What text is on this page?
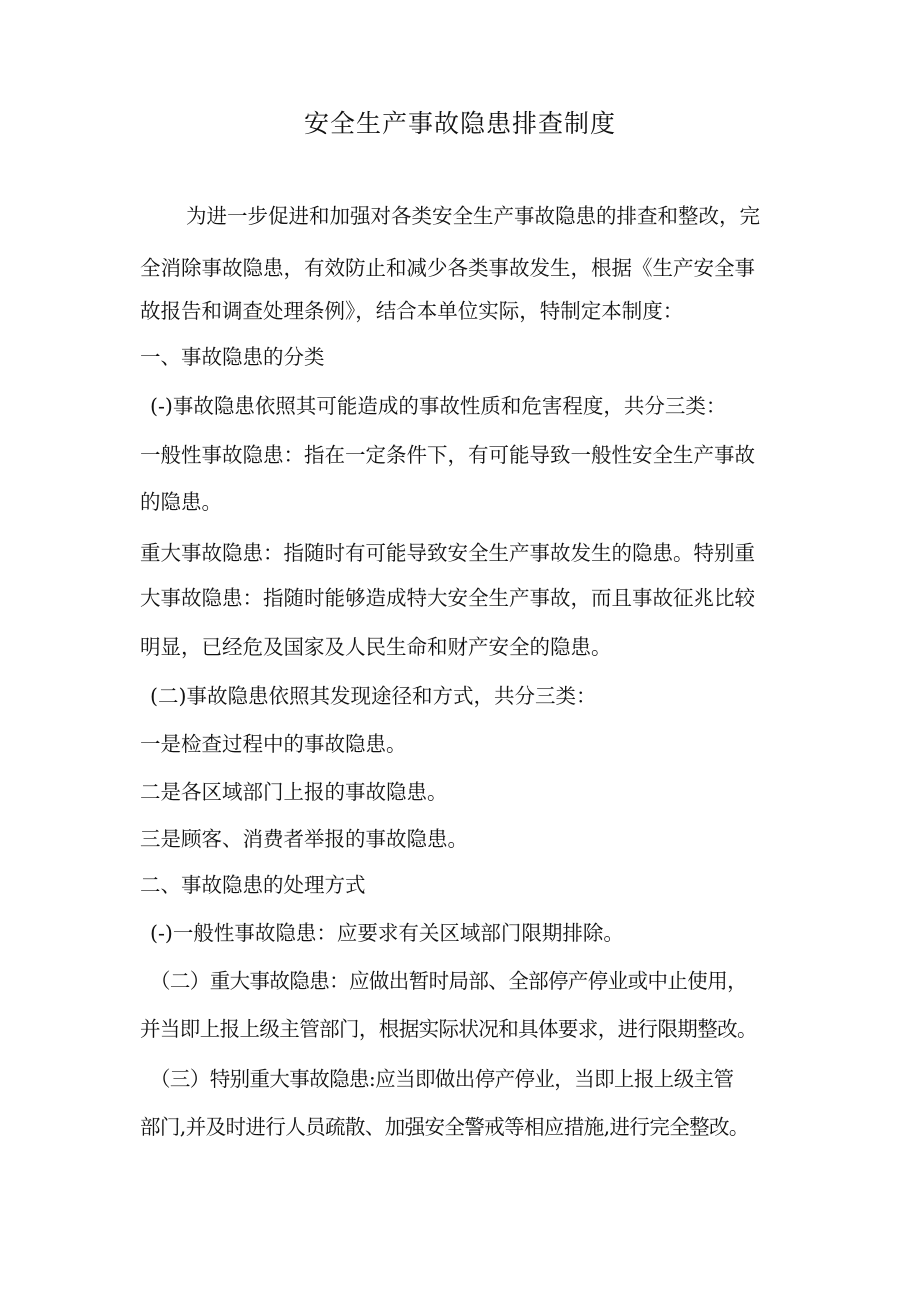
安全生产事故隐患排查制度
为进一步促进和加强对各类安全生产事故隐患的排查和整改，完
全消除事故隐患，有效防止和减少各类事故发生，根据《生产安全事
故报告和调查处理条例》，结合本单位实际，特制定本制度：
一、事故隐患的分类
(-)事故隐患依照其可能造成的事故性质和危害程度，共分三类：
一般性事故隐患：指在一定条件下，有可能导致一般性安全生产事故
的隐患。
重大事故隐患：指随时有可能导致安全生产事故发生的隐患。特别重
大事故隐患：指随时能够造成特大安全生产事故，而且事故征兆比较
明显，已经危及国家及人民生命和财产安全的隐患。
(二)事故隐患依照其发现途径和方式，共分三类：
一是检查过程中的事故隐患。
二是各区域部门上报的事故隐患。
三是顾客、消费者举报的事故隐患。
二、事故隐患的处理方式
(-)一般性事故隐患：应要求有关区域部门限期排除。
（二）重大事故隐患：应做出暂时局部、全部停产停业或中止使用，
并当即上报上级主管部门，根据实际状况和具体要求，进行限期整改。
（三）特别重大事故隐患:应当即做出停产停业，当即上报上级主管
部门,并及时进行人员疏散、加强安全警戒等相应措施,进行完全整改。
